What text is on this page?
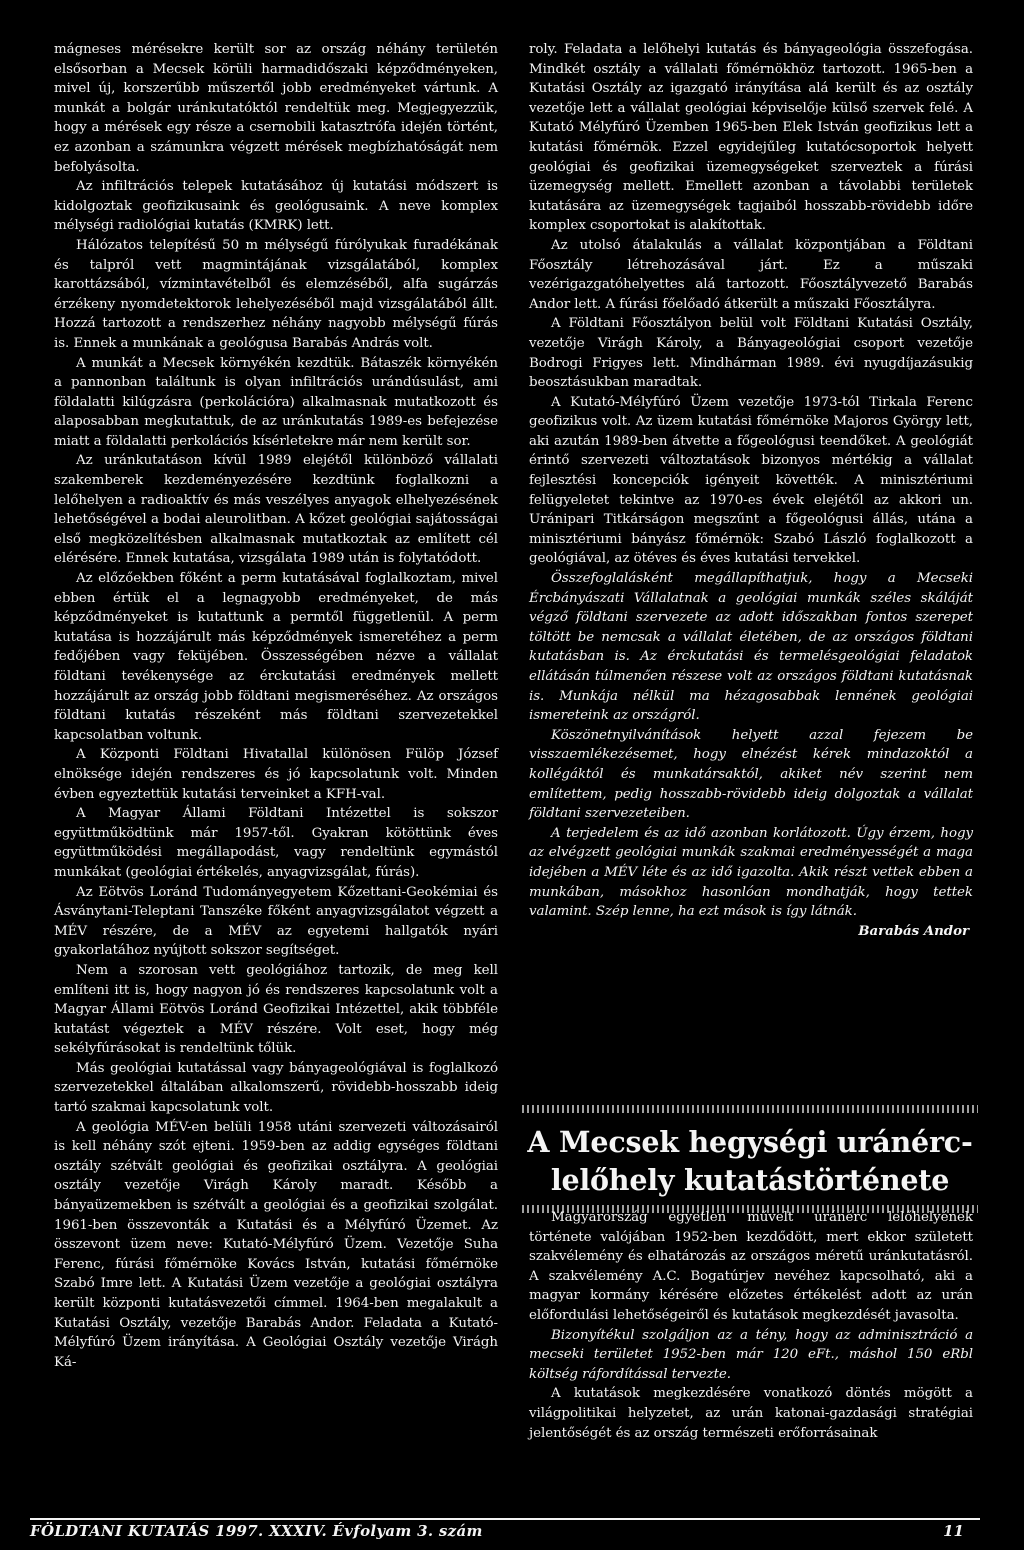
mágneses mérésekre került sor az ország néhány területén elsősorban a Mecsek körüli harmadidőszaki képződményeken, mivel új, korszerűbb műszertől jobb eredményeket vártunk. A munkát a bolgár uránkutatóktól rendeltük meg. Megjegyezzük, hogy a mérések egy része a csernobili katasztrófa idején történt, ez azonban a számunkra végzett mérések megbízhatóságát nem befolyásolta.

Az infiltrációs telepek kutatásához új kutatási módszert is kidolgoztak geofizikusaink és geológusaink. A neve komplex mélységi radiológiai kutatás (KMRK) lett.

Hálózatos telepítésű 50 m mélységű fúrólyukak furadékának és talpról vett magmintájának vizsgálatából, komplex karottázsából, vízmintavételből és elemzéséből, alfa sugárzás érzékeny nyomdetektorok lehelyezéséből majd vizsgálatából állt. Hozzá tartozott a rendszerhez néhány nagyobb mélységű fúrás is. Ennek a munkának a geológusa Barabás András volt.

A munkát a Mecsek környékén kezdtük. Bátaszék környékén a pannonban találtunk is olyan infiltrációs urándúsulást, ami földalatti kilúgzásra (perkolációra) alkalmasnak mutatkozott és alaposabban megkutattuk, de az uránkutatás 1989-es befejezése miatt a földalatti perkolációs kísérletekre már nem került sor.

Az uránkutatáson kívül 1989 elejétől különböző vállalati szakemberek kezdeményezésére kezdtünk foglalkozni a lelőhelyen a radioaktív és más veszélyes anyagok elhelyezésének lehetőségével a bodai aleurolitban. A kőzet geológiai sajátosságai első megközelítésben alkalmasnak mutatkoztak az említett cél elérésére. Ennek kutatása, vizsgálata 1989 után is folytatódott.

Az előzőekben főként a perm kutatásával foglalkoztam, mivel ebben értük el a legnagyobb eredményeket, de más képződményeket is kutattunk a permtől függetlenül. A perm kutatása is hozzájárult más képződmények ismeretéhez a perm fedőjében vagy feküjében. Összességében nézve a vállalat földtani tevékenysége az érckutatási eredmények mellett hozzájárult az ország jobb földtani megismeréséhez. Az országos földtani kutatás részeként más földtani szervezetekkel kapcsolatban voltunk.

A Központi Földtani Hivatallal különösen Fülöp József elnöksége idején rendszeres és jó kapcsolatunk volt. Minden évben egyeztettük kutatási terveinket a KFH-val.

A Magyar Állami Földtani Intézettel is sokszor együttműködtünk már 1957-től. Gyakran kötöttünk éves együttműködési megállapodást, vagy rendeltünk egymástól munkákat (geológiai értékelés, anyagvizsgálat, fúrás).

Az Eötvös Loránd Tudományegyetem Kőzettani-Geokémiai és Ásványtani-Teleptani Tanszéke főként anyagvizsgálatot végzett a MÉV részére, de a MÉV az egyetemi hallgatók nyári gyakorlatához nyújtott sokszor segítséget.

Nem a szorosan vett geológiához tartozik, de meg kell említeni itt is, hogy nagyon jó és rendszeres kapcsolatunk volt a Magyar Állami Eötvös Loránd Geofizikai Intézettel, akik többféle kutatást végeztek a MÉV részére. Volt eset, hogy még sekélyfúrásokat is rendeltünk tőlük.

Más geológiai kutatással vagy bányageológiával is foglalkozó szervezetekkel általában alkalomszerű, rövidebb-hosszabb ideig tartó szakmai kapcsolatunk volt.

A geológia MÉV-en belüli 1958 utáni szervezeti változásairól is kell néhány szót ejteni. 1959-ben az addig egységes földtani osztály szétvált geológiai és geofizikai osztályra. A geológiai osztály vezetője Virágh Károly maradt. Később a bányaüzemekben is szétvált a geológiai és a geofizikai szolgálat. 1961-ben összevonták a Kutatási és a Mélyfúró Üzemet. Az összevont üzem neve: Kutató-Mélyfúró Üzem. Vezetője Suha Ferenc, fúrási főmérnöke Kovács István, kutatási főmérnöke Szabó Imre lett. A Kutatási Üzem vezetője a geológiai osztályra került központi kutatásvezetői címmel. 1964-ben megalakult a Kutatási Osztály, vezetője Barabás Andor. Feladata a Kutató-Mélyfúró Üzem irányítása. A Geológiai Osztály vezetője Virágh Ká-

roly. Feladata a lelőhelyi kutatás és bányageológia összefogása. Mindkét osztály a vállalati főmérnökhöz tartozott. 1965-ben a Kutatási Osztály az igazgató irányítása alá került és az osztály vezetője lett a vállalat geológiai képviselője külső szervek felé. A Kutató Mélyfúró Üzemben 1965-ben Elek István geofizikus lett a kutatási főmérnök. Ezzel egyidejűleg kutatócsoportok helyett geológiai és geofizikai üzemegységeket szerveztek a fúrási üzemegység mellett. Emellett azonban a távolabbi területek kutatására az üzemegységek tagjaiból hosszabb-rövidebb időre komplex csoportokat is alakítottak.

Az utolsó átalakulás a vállalat központjában a Földtani Főosztály létrehozásával járt. Ez a műszaki vezérigazgatóhelyettes alá tartozott. Főosztályvezető Barabás Andor lett. A fúrási főelőadó átkerült a műszaki Főosztályra.

A Földtani Főosztályon belül volt Földtani Kutatási Osztály, vezetője Virágh Károly, a Bányageológiai csoport vezetője Bodrogi Frigyes lett. Mindhárman 1989. évi nyugdíjazásukig beosztásukban maradtak.

A Kutató-Mélyfúró Üzem vezetője 1973-tól Tirkala Ferenc geofizikus volt. Az üzem kutatási főmérnöke Majoros György lett, aki azután 1989-ben átvette a főgeológusi teendőket. A geológiát érintő szervezeti változtatások bizonyos mértékig a vállalat fejlesztési koncepciók igényeit követték. A minisztériumi felügyeletet tekintve az 1970-es évek elejétől az akkori un. Uránipari Titkárságon megszűnt a főgeológusi állás, utána a minisztériumi bányász főmérnök: Szabó László foglalkozott a geológiával, az ötéves és éves kutatási tervekkel.

Összefoglalásként megállapíthatjuk, hogy a Mecseki Ércbányászati Vállalatnak a geológiai munkák széles skáláját végző földtani szervezete az adott időszakban fontos szerepet töltött be nemcsak a vállalat életében, de az országos földtani kutatásban is. Az érckutatási és termelésgeológiai feladatok ellátásán túlmenően részese volt az országos földtani kutatásnak is. Munkája nélkül ma hézagosabbak lennének geológiai ismereteink az országról.

Köszönetnyilvánítások helyett azzal fejezem be visszaemlékezésemet, hogy elnézést kérek mindazoktól a kollégáktól és munkatársaktól, akiket név szerint nem említettem, pedig hosszabb-rövidebb ideig dolgoztak a vállalat földtani szervezeteiben.

A terjedelem és az idő azonban korlátozott. Úgy érzem, hogy az elvégzett geológiai munkák szakmai eredményességét a maga idejében a MÉV léte és az idő igazolta. Akik részt vettek ebben a munkában, másokhoz hasonlóan mondhatják, hogy tettek valamint. Szép lenne, ha ezt mások is így látnák.

Barabás Andor

A Mecsek hegységi uránérc-lelőhely kutatástörténete

Magyarország egyetlen művelt uránérc lelőhelyének története valójában 1952-ben kezdődött, mert ekkor született szakvélemény és elhatározás az országos méretű uránkutatásról. A szakvélemény A.C. Bogatúrjev nevéhez kapcsolható, aki a magyar kormány kérésére előzetes értékelést adott az urán előfordulási lehetőségeiről és kutatások megkezdését javasolta.

Bizonyítékul szolgáljon az a tény, hogy az adminisztráció a mecseki területet 1952-ben már 120 eFt., máshol 150 eRbl költség ráfordítással tervezte.

A kutatások megkezdésére vonatkozó döntés mögött a világpolitikai helyzetet, az urán katonai-gazdasági stratégiai jelentőségét és az ország természeti erőforrásainak

FÖLDTANI KUTATÁS 1997. XXXIV. Évfolyam 3. szám	11
